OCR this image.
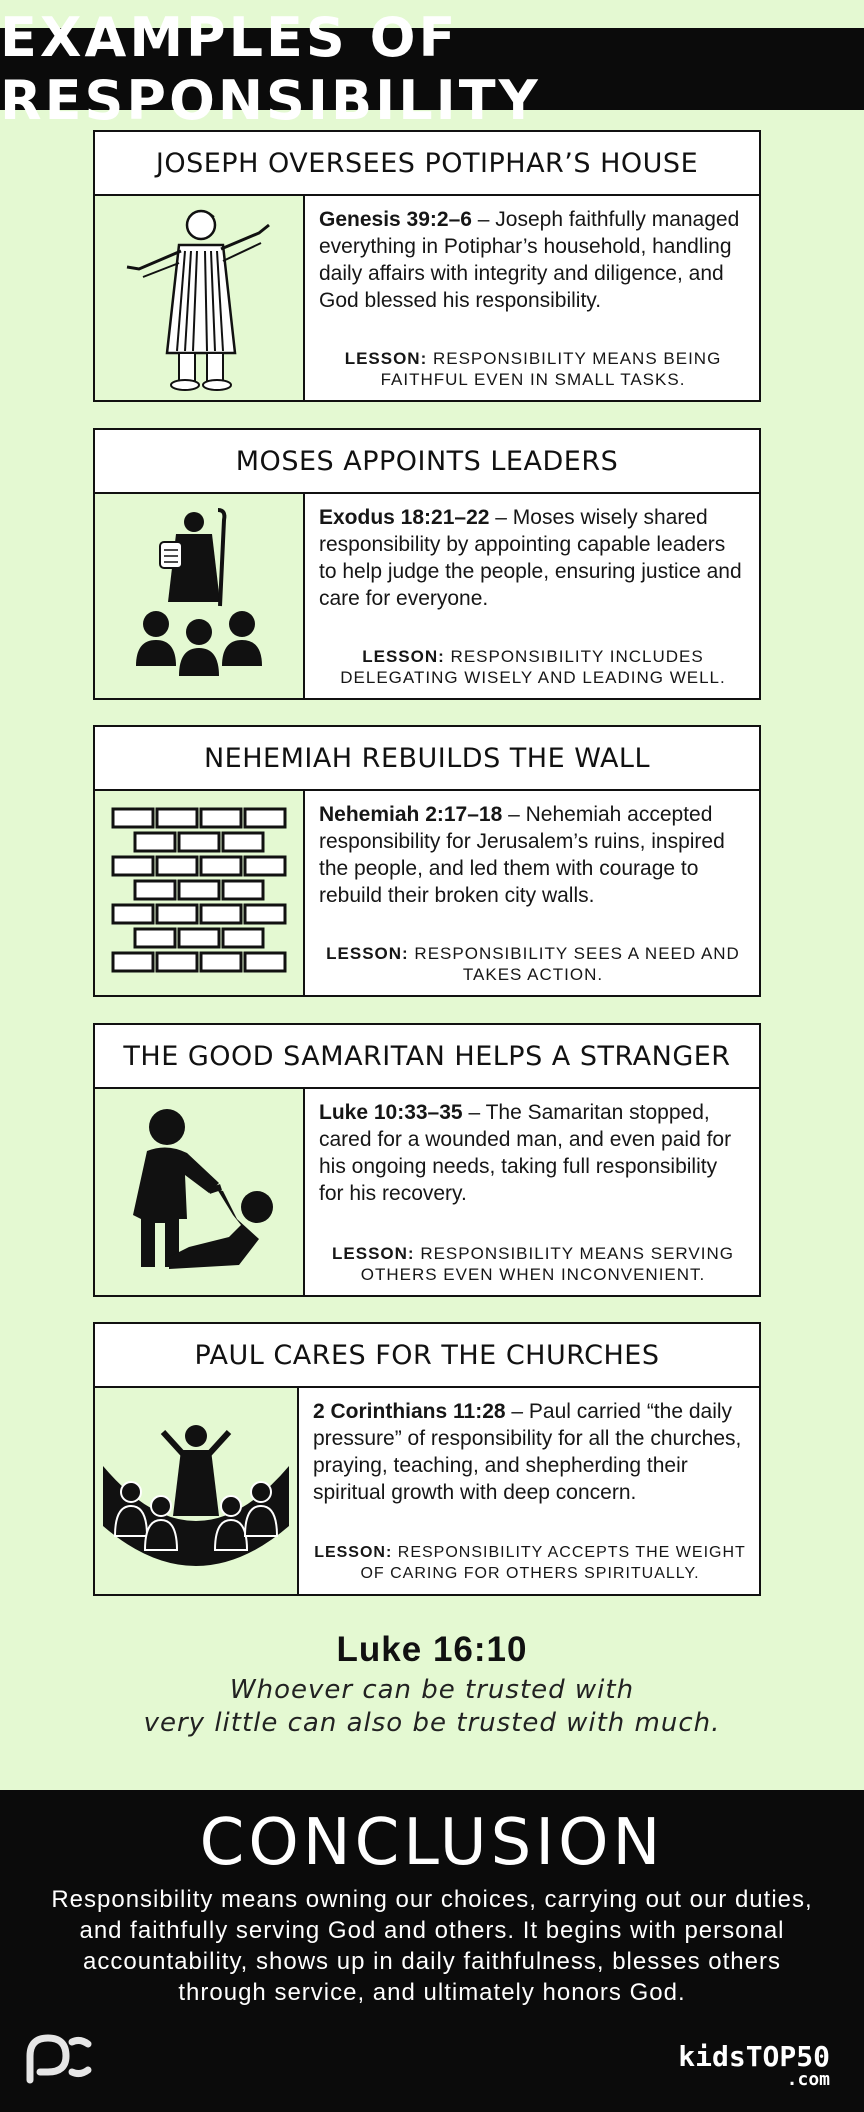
EXAMPLES OF RESPONSIBILITY
JOSEPH OVERSEES POTIPHAR’S HOUSE

Genesis 39:2–6 – Joseph faithfully managed everything in Potiphar’s household, handling daily affairs with integrity and diligence, and God blessed his responsibility.

LESSON: RESPONSIBILITY MEANS BEING FAITHFUL EVEN IN SMALL TASKS.

MOSES APPOINTS LEADERS

Exodus 18:21–22 – Moses wisely shared responsibility by appointing capable leaders to help judge the people, ensuring justice and care for everyone.

LESSON: RESPONSIBILITY INCLUDES DELEGATING WISELY AND LEADING WELL.

NEHEMIAH REBUILDS THE WALL

Nehemiah 2:17–18 – Nehemiah accepted responsibility for Jerusalem’s ruins, inspired the people, and led them with courage to rebuild their broken city walls.

LESSON: RESPONSIBILITY SEES A NEED AND TAKES ACTION.

THE GOOD SAMARITAN HELPS A STRANGER

Luke 10:33–35 – The Samaritan stopped, cared for a wounded man, and even paid for his ongoing needs, taking full responsibility for his recovery.

LESSON: RESPONSIBILITY MEANS SERVING OTHERS EVEN WHEN INCONVENIENT.

PAUL CARES FOR THE CHURCHES

2 Corinthians 11:28 – Paul carried “the daily pressure” of responsibility for all the churches, praying, teaching, and shepherding their spiritual growth with deep concern.

LESSON: RESPONSIBILITY ACCEPTS THE WEIGHT OF CARING FOR OTHERS SPIRITUALLY.

Luke 16:10
Whoever can be trusted with
very little can also be trusted with much.
CONCLUSION
Responsibility means owning our choices, carrying out our duties, and faithfully serving God and others. It begins with personal accountability, shows up in daily faithfulness, blesses others through service, and ultimately honors God.
kidsTOP50
.com
